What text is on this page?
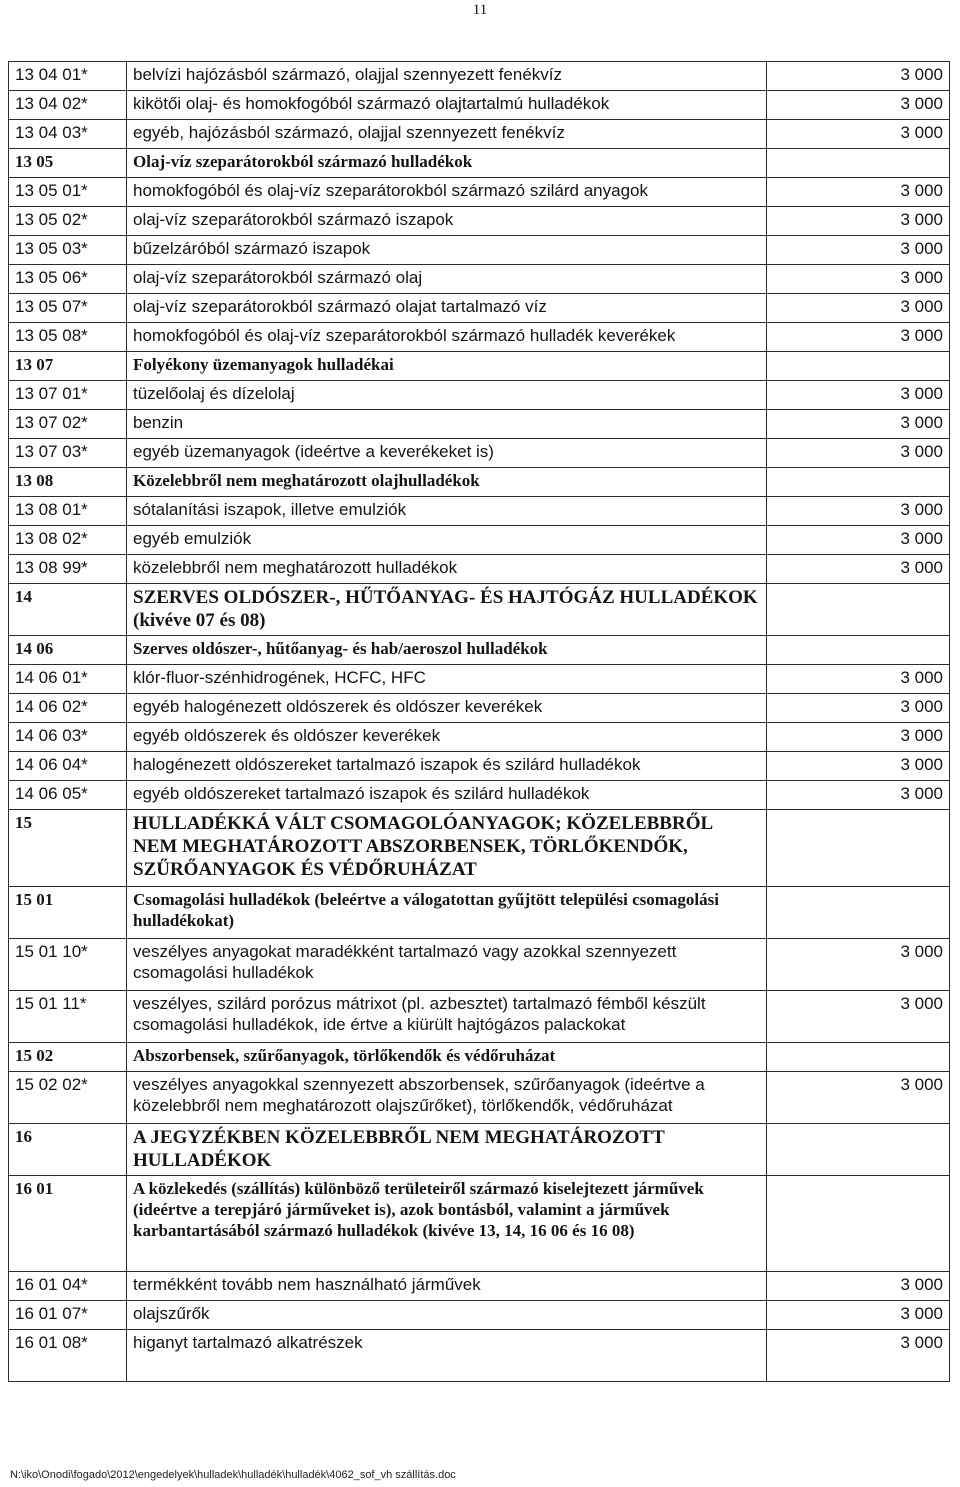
11
13 04 01*	belvízi hajózásból származó, olajjal szennyezett fenékvíz	3 000
13 04 02*	kikötői olaj- és homokfogóból származó olajtartalmú hulladékok	3 000
13 04 03*	egyéb, hajózásból származó, olajjal szennyezett fenékvíz	3 000
13 05	Olaj-víz szeparátorokból származó hulladékok	
13 05 01*	homokfogóból és olaj-víz szeparátorokból származó szilárd anyagok	3 000
13 05 02*	olaj-víz szeparátorokból származó iszapok	3 000
13 05 03*	bűzelzáróból származó iszapok	3 000
13 05 06*	olaj-víz szeparátorokból származó olaj	3 000
13 05 07*	olaj-víz szeparátorokból származó olajat tartalmazó víz	3 000
13 05 08*	homokfogóból és olaj-víz szeparátorokból származó hulladék keverékek	3 000
13 07	Folyékony üzemanyagok hulladékai	
13 07 01*	tüzelőolaj és dízelolaj	3 000
13 07 02*	benzin	3 000
13 07 03*	egyéb üzemanyagok (ideértve a keverékeket is)	3 000
13 08	Közelebbről nem meghatározott olajhulladékok	
13 08 01*	sótalanítási iszapok, illetve emulziók	3 000
13 08 02*	egyéb emulziók	3 000
13 08 99*	közelebbről nem meghatározott hulladékok	3 000
14	SZERVES OLDÓSZER-, HŰTŐANYAG- ÉS HAJTÓGÁZ HULLADÉKOK (kivéve 07 és 08)	
14 06	Szerves oldószer-, hűtőanyag- és hab/aeroszol hulladékok	
14 06 01*	klór-fluor-szénhidrogének, HCFC, HFC	3 000
14 06 02*	egyéb halogénezett oldószerek és oldószer keverékek	3 000
14 06 03*	egyéb oldószerek és oldószer keverékek	3 000
14 06 04*	halogénezett oldószereket tartalmazó iszapok és szilárd hulladékok	3 000
14 06 05*	egyéb oldószereket tartalmazó iszapok és szilárd hulladékok	3 000
15	HULLADÉKKÁ VÁLT CSOMAGOLÓANYAGOK; KÖZELEBBRŐL NEM MEGHATÁROZOTT ABSZORBENSEK, TÖRLŐKENDŐK, SZŰRŐANYAGOK ÉS VÉDŐRUHÁZAT	
15 01	Csomagolási hulladékok (beleértve a válogatottan gyűjtött települési csomagolási hulladékokat)	
15 01 10*	veszélyes anyagokat maradékként tartalmazó vagy azokkal szennyezett csomagolási hulladékok	3 000
15 01 11*	veszélyes, szilárd porózus mátrixot (pl. azbesztet) tartalmazó fémből készült csomagolási hulladékok, ide értve a kiürült hajtógázos palackokat	3 000
15 02	Abszorbensek, szűrőanyagok, törlőkendők és védőruházat	
15 02 02*	veszélyes anyagokkal szennyezett abszorbensek, szűrőanyagok (ideértve a közelebbről nem meghatározott olajszűrőket), törlőkendők, védőruházat	3 000
16	A JEGYZÉKBEN KÖZELEBBRŐL NEM MEGHATÁROZOTT HULLADÉKOK	
16 01	A közlekedés (szállítás) különböző területeiről származó kiselejtezett járművek (ideértve a terepjáró járműveket is), azok bontásból, valamint a járművek karbantartásából származó hulladékok (kivéve 13, 14, 16 06 és 16 08)	
16 01 04*	termékként tovább nem használható járművek	3 000
16 01 07*	olajszűrők	3 000
16 01 08*	higanyt tartalmazó alkatrészek	3 000
N:\iko\Onodi\fogado\2012\engedelyek\hulladek\hulladék\hulladék\4062_sof_vh szállítás.doc
